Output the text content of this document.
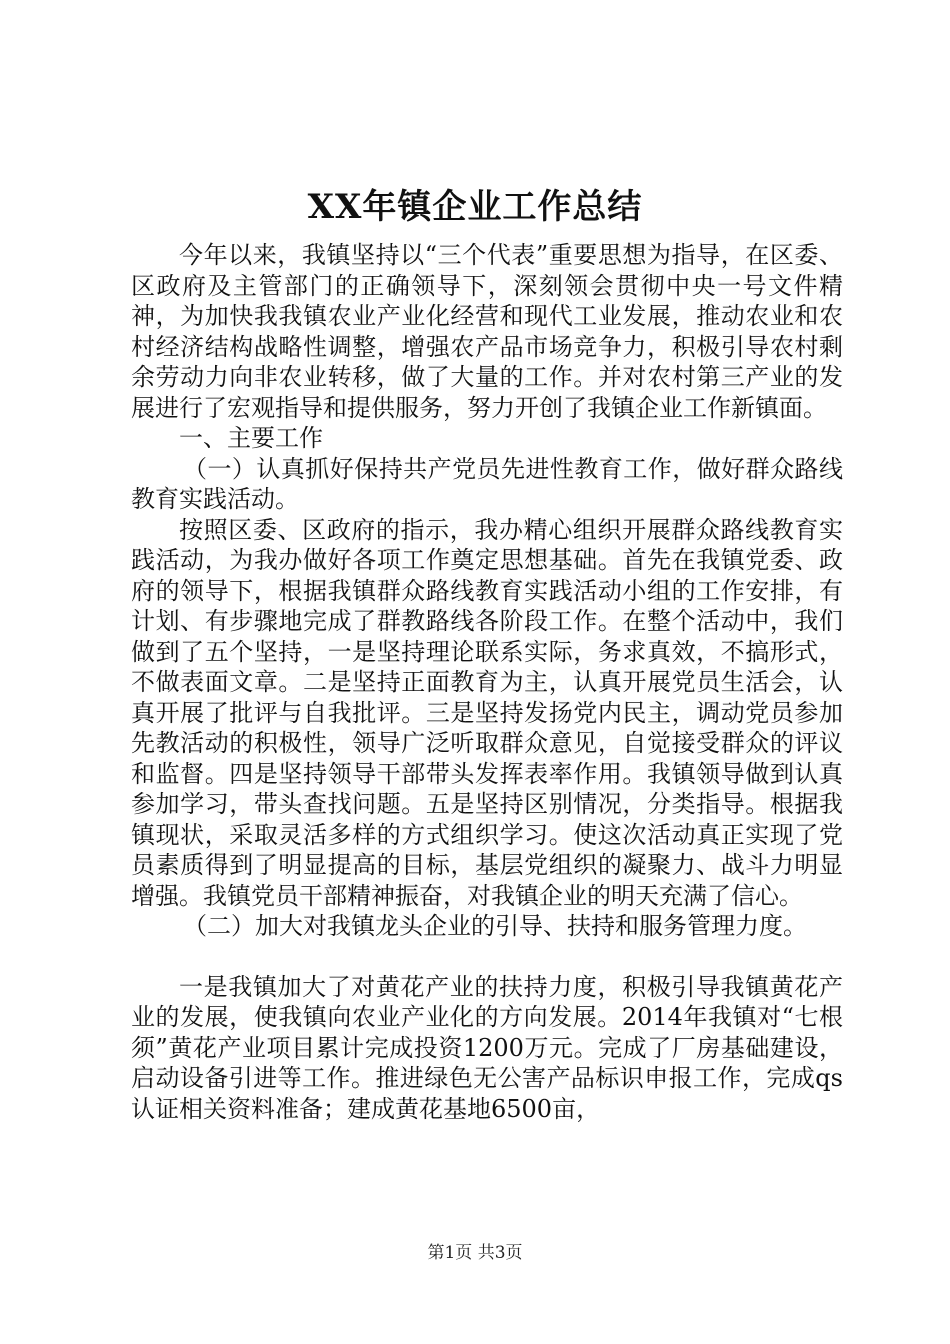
XX年镇企业工作总结

今年以来，我镇坚持以“三个代表”重要思想为指导，在区委、区政府及主管部门的正确领导下，深刻领会贯彻中央一号文件精神，为加快我我镇农业产业化经营和现代工业发展，推动农业和农村经济结构战略性调整，增强农产品市场竞争力，积极引导农村剩余劳动力向非农业转移，做了大量的工作。并对农村第三产业的发展进行了宏观指导和提供服务，努力开创了我镇企业工作新镇面。

一、主要工作

（一）认真抓好保持共产党员先进性教育工作，做好群众路线教育实践活动。

按照区委、区政府的指示，我办精心组织开展群众路线教育实践活动，为我办做好各项工作奠定思想基础。首先在我镇党委、政府的领导下，根据我镇群众路线教育实践活动小组的工作安排，有计划、有步骤地完成了群教路线各阶段工作。在整个活动中，我们做到了五个坚持，一是坚持理论联系实际，务求真效，不搞形式，不做表面文章。二是坚持正面教育为主，认真开展党员生活会，认真开展了批评与自我批评。三是坚持发扬党内民主，调动党员参加先教活动的积极性，领导广泛听取群众意见，自觉接受群众的评议和监督。四是坚持领导干部带头发挥表率作用。我镇领导做到认真参加学习，带头查找问题。五是坚持区别情况，分类指导。根据我镇现状，采取灵活多样的方式组织学习。使这次活动真正实现了党员素质得到了明显提高的目标，基层党组织的凝聚力、战斗力明显增强。我镇党员干部精神振奋，对我镇企业的明天充满了信心。

（二）加大对我镇龙头企业的引导、扶持和服务管理力度。

一是我镇加大了对黄花产业的扶持力度，积极引导我镇黄花产业的发展，使我镇向农业产业化的方向发展。2014年我镇对“七根须”黄花产业项目累计完成投资1200万元。完成了厂房基础建设，启动设备引进等工作。推进绿色无公害产品标识申报工作，完成qs认证相关资料准备；建成黄花基地6500亩，

第1页 共3页
